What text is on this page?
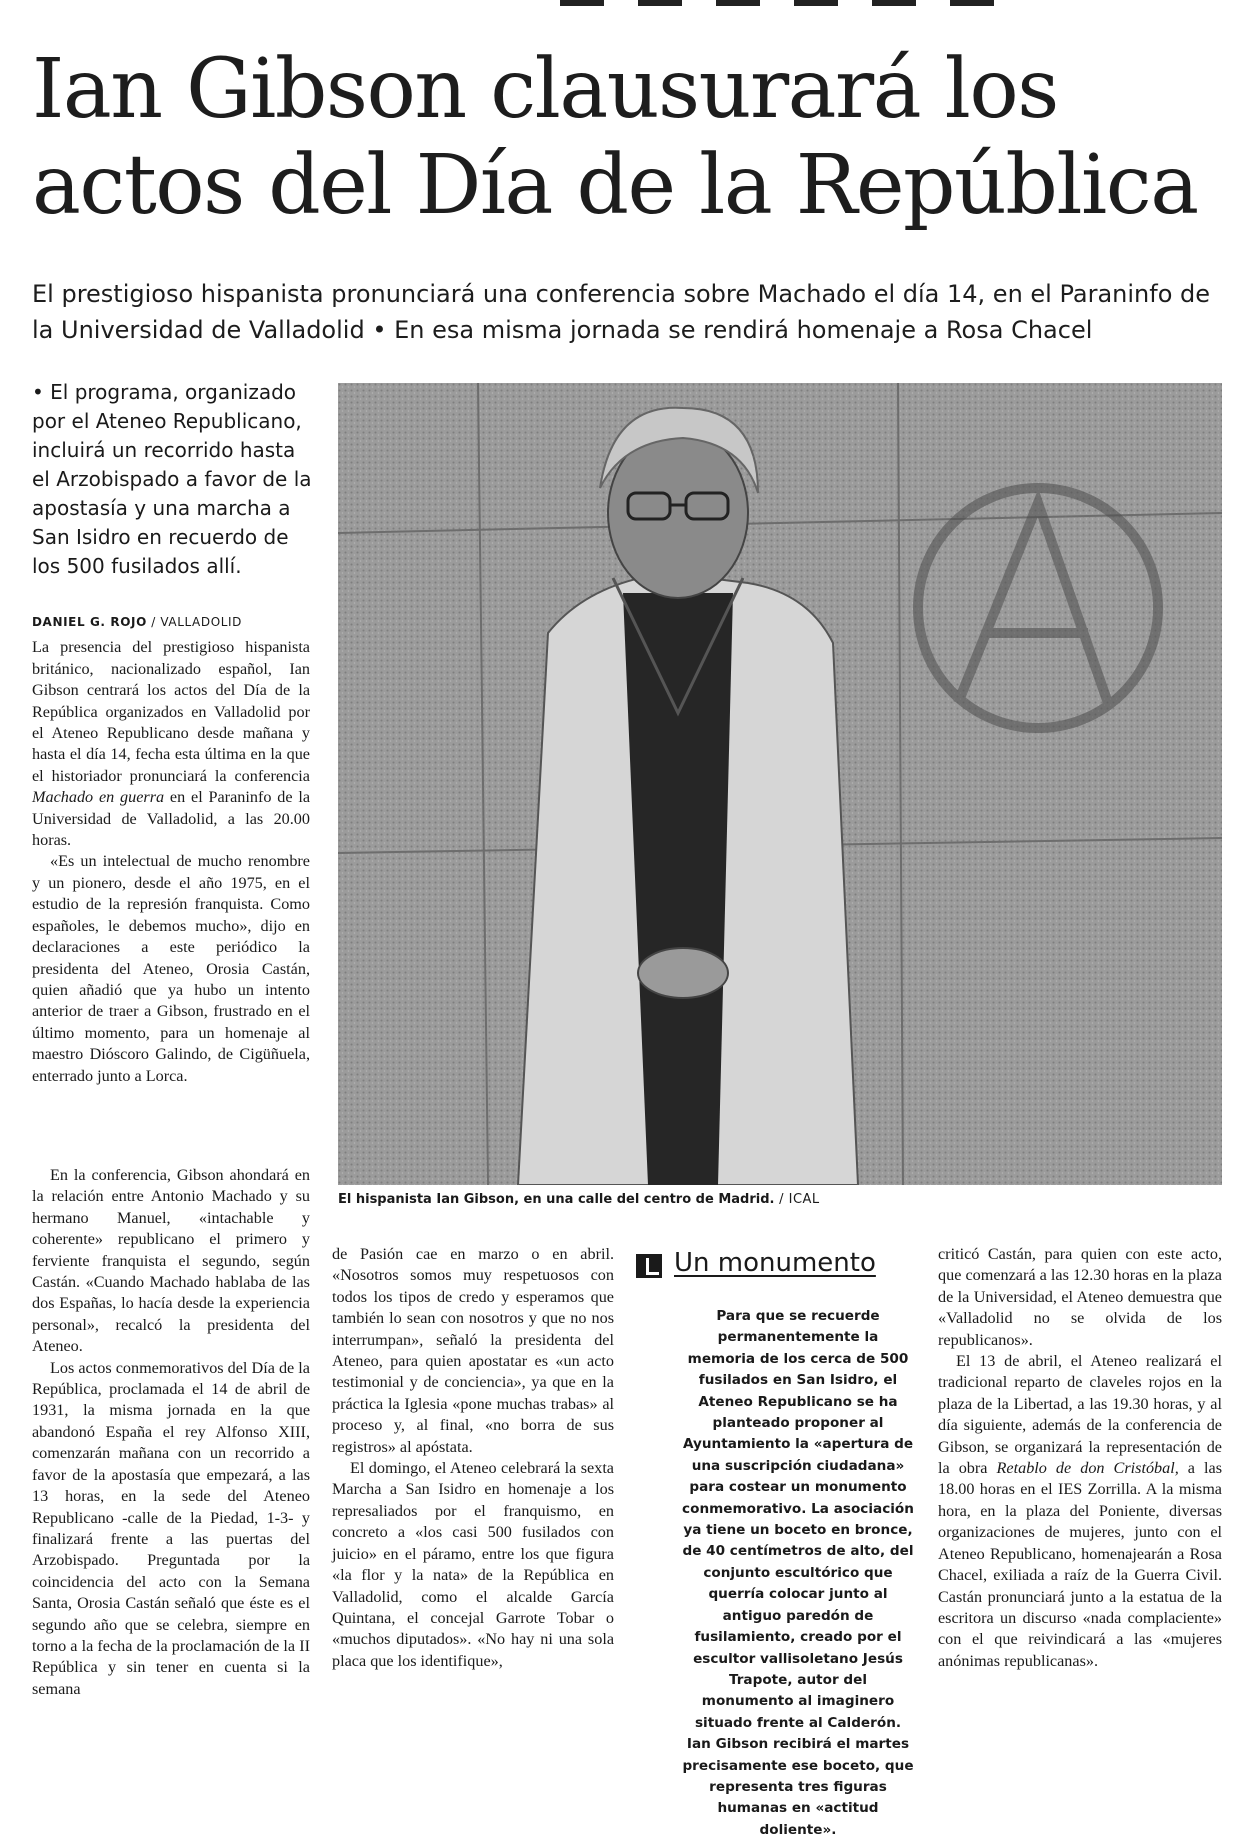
Ian Gibson clausurará los actos del Día de la República

El prestigioso hispanista pronunciará una conferencia sobre Machado el día 14, en el Paraninfo de la Universidad de Valladolid • En esa misma jornada se rendirá homenaje a Rosa Chacel

• El programa, organizado por el Ateneo Republicano, incluirá un recorrido hasta el Arzobispado a favor de la apostasía y una marcha a San Isidro en recuerdo de los 500 fusilados allí.

DANIEL G. ROJO / VALLADOLID

La presencia del prestigioso hispanista británico, nacionalizado español, Ian Gibson centrará los actos del Día de la República organizados en Valladolid por el Ateneo Republicano desde mañana y hasta el día 14, fecha esta última en la que el historiador pronunciará la conferencia Machado en guerra en el Paraninfo de la Universidad de Valladolid, a las 20.00 horas.

«Es un intelectual de mucho renombre y un pionero, desde el año 1975, en el estudio de la represión franquista. Como españoles, le debemos mucho», dijo en declaraciones a este periódico la presidenta del Ateneo, Orosia Castán, quien añadió que ya hubo un intento anterior de traer a Gibson, frustrado en el último momento, para un homenaje al maestro Dióscoro Galindo, de Cigüñuela, enterrado junto a Lorca.

En la conferencia, Gibson ahondará en la relación entre Antonio Machado y su hermano Manuel, «intachable y coherente» republicano el primero y ferviente franquista el segundo, según Castán. «Cuando Machado hablaba de las dos Españas, lo hacía desde la experiencia personal», recalcó la presidenta del Ateneo.

Los actos conmemorativos del Día de la República, proclamada el 14 de abril de 1931, la misma jornada en la que abandonó España el rey Alfonso XIII, comenzarán mañana con un recorrido a favor de la apostasía que empezará, a las 13 horas, en la sede del Ateneo Republicano -calle de la Piedad, 1-3- y finalizará frente a las puertas del Arzobispado. Preguntada por la coincidencia del acto con la Semana Santa, Orosia Castán señaló que éste es el segundo año que se celebra, siempre en torno a la fecha de la proclamación de la II República y sin tener en cuenta si la semana

El hispanista Ian Gibson, en una calle del centro de Madrid. / ICAL

de Pasión cae en marzo o en abril. «Nosotros somos muy respetuosos con todos los tipos de credo y esperamos que también lo sean con nosotros y que no nos interrumpan», señaló la presidenta del Ateneo, para quien apostatar es «un acto testimonial y de conciencia», ya que en la práctica la Iglesia «pone muchas trabas» al proceso y, al final, «no borra de sus registros» al apóstata.

El domingo, el Ateneo celebrará la sexta Marcha a San Isidro en homenaje a los represaliados por el franquismo, en concreto a «los casi 500 fusilados con juicio» en el páramo, entre los que figura «la flor y la nata» de la República en Valladolid, como el alcalde García Quintana, el concejal Garrote Tobar o «muchos diputados». «No hay ni una sola placa que los identifique»,

Un monumento

Para que se recuerde permanentemente la memoria de los cerca de 500 fusilados en San Isidro, el Ateneo Republicano se ha planteado proponer al Ayuntamiento la «apertura de una suscripción ciudadana» para costear un monumento conmemorativo. La asociación ya tiene un boceto en bronce, de 40 centímetros de alto, del conjunto escultórico que querría colocar junto al antiguo paredón de fusilamiento, creado por el escultor vallisoletano Jesús Trapote, autor del monumento al imaginero situado frente al Calderón. Ian Gibson recibirá el martes precisamente ese boceto, que representa tres figuras humanas en «actitud doliente».

criticó Castán, para quien con este acto, que comenzará a las 12.30 horas en la plaza de la Universidad, el Ateneo demuestra que «Valladolid no se olvida de los republicanos».

El 13 de abril, el Ateneo realizará el tradicional reparto de claveles rojos en la plaza de la Libertad, a las 19.30 horas, y al día siguiente, además de la conferencia de Gibson, se organizará la representación de la obra Retablo de don Cristóbal, a las 18.00 horas en el IES Zorrilla. A la misma hora, en la plaza del Poniente, diversas organizaciones de mujeres, junto con el Ateneo Republicano, homenajearán a Rosa Chacel, exiliada a raíz de la Guerra Civil. Castán pronunciará junto a la estatua de la escritora un discurso «nada complaciente» con el que reivindicará a las «mujeres anónimas republicanas».
